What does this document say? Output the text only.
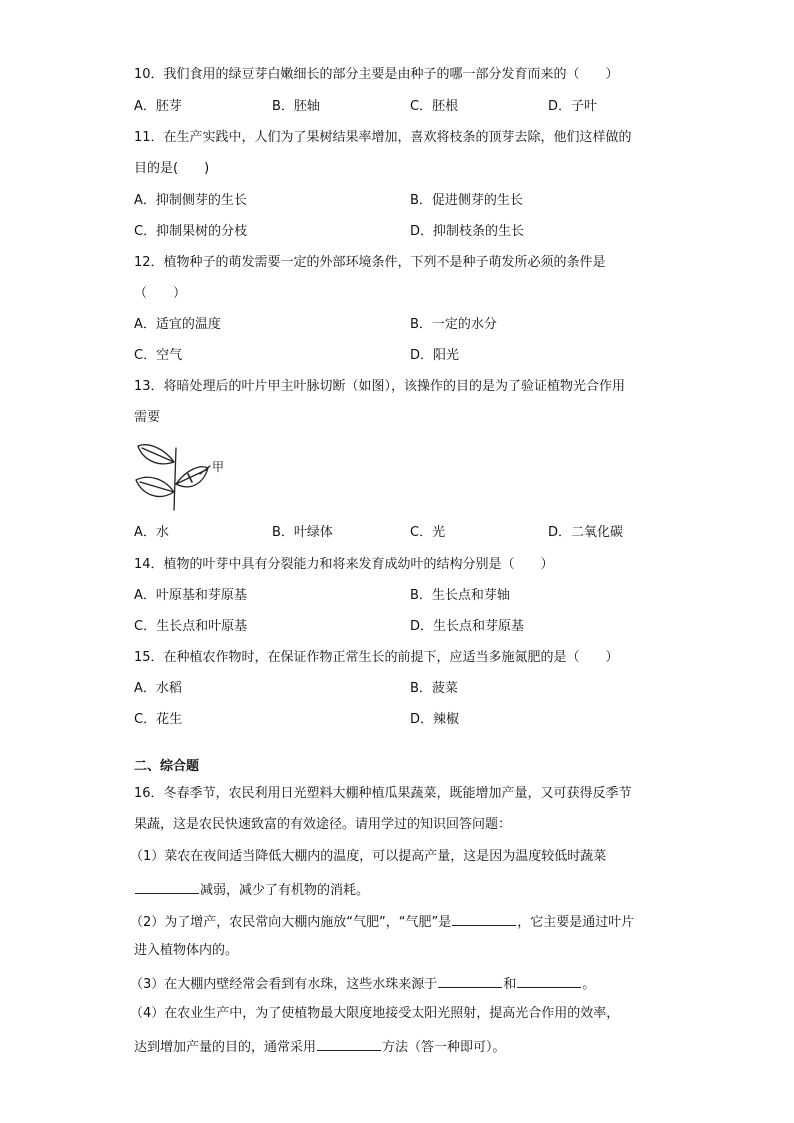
10．我们食用的绿豆芽白嫩细长的部分主要是由种子的哪一部分发育而来的（　　）
A．胚芽	B．胚轴	C．胚根	D．子叶
11．在生产实践中，人们为了果树结果率增加，喜欢将枝条的顶芽去除，他们这样做的
目的是(　　)
A．抑制侧芽的生长	B．促进侧芽的生长
C．抑制果树的分枝	D．抑制枝条的生长
12．植物种子的萌发需要一定的外部环境条件，下列不是种子萌发所必须的条件是
（　　）
A．适宜的温度	B．一定的水分
C．空气	D．阳光
13．将暗处理后的叶片甲主叶脉切断（如图），该操作的目的是为了验证植物光合作用
需要
甲
A．水	B．叶绿体	C．光	D．二氧化碳
14．植物的叶芽中具有分裂能力和将来发育成幼叶的结构分别是（　　）
A．叶原基和芽原基	B．生长点和芽轴
C．生长点和叶原基	D．生长点和芽原基
15．在种植农作物时，在保证作物正常生长的前提下，应适当多施氮肥的是（　　）
A．水稻	B．菠菜
C．花生	D．辣椒
二、综合题
16．冬春季节，农民利用日光塑料大棚种植瓜果蔬菜，既能增加产量，又可获得反季节
果蔬，这是农民快速致富的有效途径。请用学过的知识回答问题：
（1）菜农在夜间适当降低大棚内的温度，可以提高产量，这是因为温度较低时蔬菜
减弱，减少了有机物的消耗。
（2）为了增产，农民常向大棚内施放“气肥”，“气肥”是	，它主要是通过叶片
进入植物体内的。
（3）在大棚内壁经常会看到有水珠，这些水珠来源于	和	。
（4）在农业生产中，为了使植物最大限度地接受太阳光照射，提高光合作用的效率，
达到增加产量的目的，通常采用	方法（答一种即可）。
